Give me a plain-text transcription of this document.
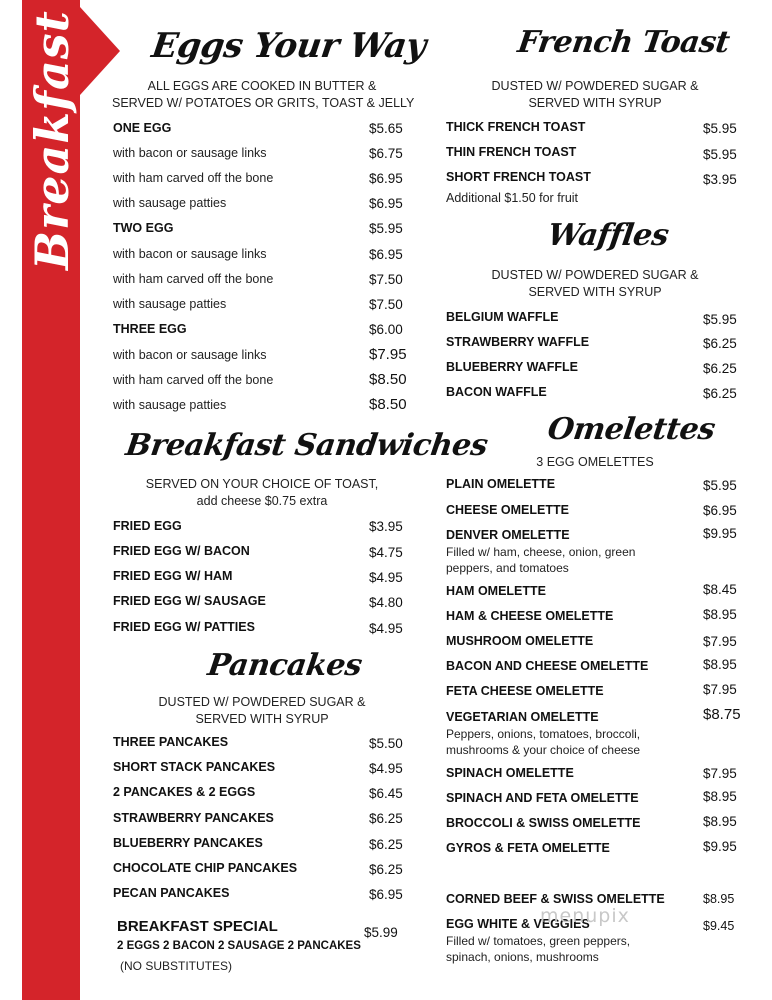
Breakfast Eggs Your Way
ALL EGGS ARE COOKED IN BUTTER &
SERVED W/ POTATOES OR GRITS, TOAST & JELLY
ONE EGG	$5.65
with bacon or sausage links	$6.75
with ham carved off the bone	$6.95
with sausage patties	$6.95
TWO EGG	$5.95
with bacon or sausage links	$6.95
with ham carved off the bone	$7.50
with sausage patties	$7.50
THREE EGG	$6.00
with bacon or sausage links	$7.95
with ham carved off the bone	$8.50
with sausage patties	$8.50
Breakfast Sandwiches
SERVED ON YOUR CHOICE OF TOAST,
add cheese $0.75 extra
FRIED EGG	$3.95
FRIED EGG W/ BACON	$4.75
FRIED EGG W/ HAM	$4.95
FRIED EGG W/ SAUSAGE	$4.80
FRIED EGG W/ PATTIES	$4.95
Pancakes
DUSTED W/ POWDERED SUGAR &
SERVED WITH SYRUP
THREE PANCAKES	$5.50
SHORT STACK PANCAKES	$4.95
2 PANCAKES & 2 EGGS	$6.45
STRAWBERRY PANCAKES	$6.25
BLUEBERRY PANCAKES	$6.25
CHOCOLATE CHIP PANCAKES	$6.25
PECAN PANCAKES	$6.95
BREAKFAST SPECIAL	$5.99
2 EGGS 2 BACON 2 SAUSAGE 2 PANCAKES
(NO SUBSTITUTES)
French Toast
DUSTED W/ POWDERED SUGAR &
SERVED WITH SYRUP
THICK FRENCH TOAST	$5.95
THIN FRENCH TOAST	$5.95
SHORT FRENCH TOAST	$3.95
Additional $1.50 for fruit
Waffles
DUSTED W/ POWDERED SUGAR &
SERVED WITH SYRUP
BELGIUM WAFFLE	$5.95
STRAWBERRY WAFFLE	$6.25
BLUEBERRY WAFFLE	$6.25
BACON WAFFLE	$6.25
Omelettes
3 EGG OMELETTES
PLAIN OMELETTE	$5.95
CHEESE OMELETTE	$6.95
DENVER OMELETTE	$9.95
Filled w/ ham, cheese, onion, green
peppers, and tomatoes
HAM OMELETTE	$8.45
HAM & CHEESE OMELETTE	$8.95
MUSHROOM OMELETTE	$7.95
BACON AND CHEESE OMELETTE	$8.95
FETA CHEESE OMELETTE	$7.95
VEGETARIAN OMELETTE	$8.75
Peppers, onions, tomatoes, broccoli,
mushrooms & your choice of cheese
SPINACH OMELETTE	$7.95
SPINACH AND FETA OMELETTE	$8.95
BROCCOLI & SWISS OMELETTE	$8.95
GYROS & FETA OMELETTE	$9.95
CORNED BEEF & SWISS OMELETTE	$8.95
EGG WHITE & VEGGIES	$9.45
Filled w/ tomatoes, green peppers,
spinach, onions, mushrooms
menupix
